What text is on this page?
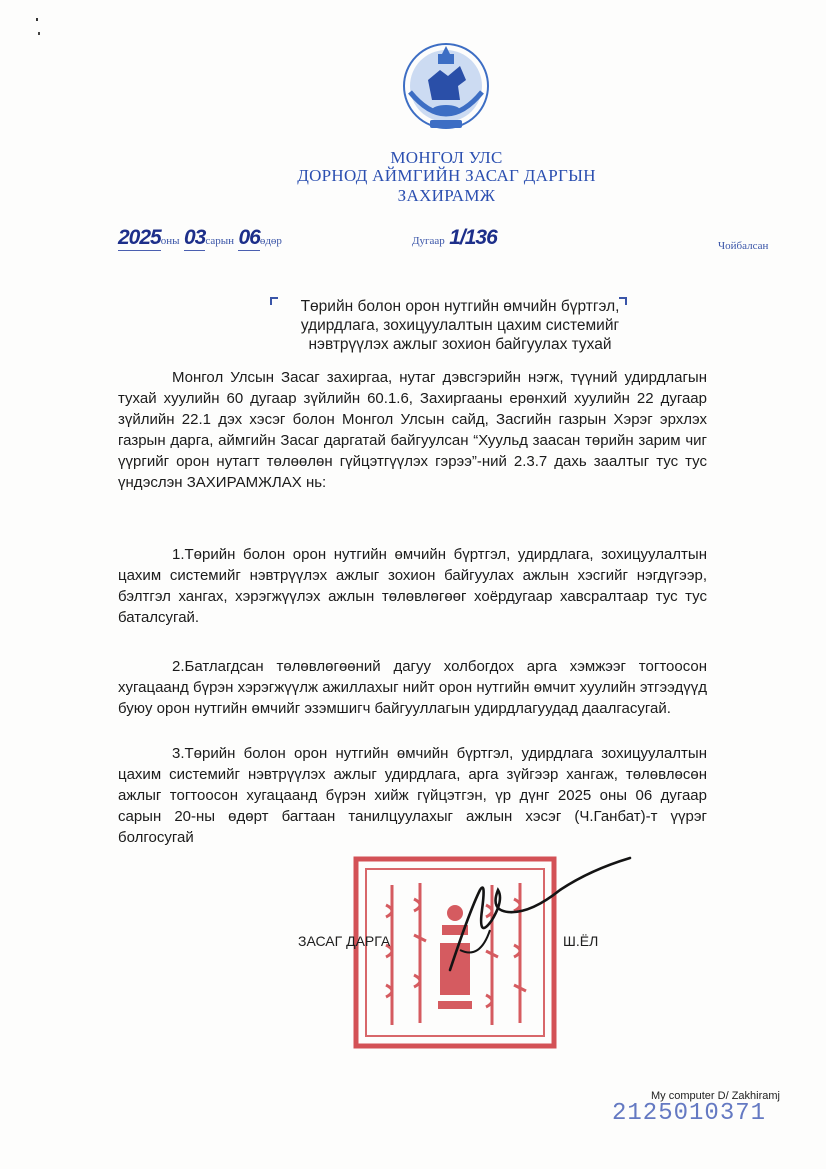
МОНГОЛ УЛС
ДОРНОД АЙМГИЙН ЗАСАГ ДАРГЫН
ЗАХИРАМЖ
2025оны 03сарын 06өдөр	Дугаар 1/136	Чойбалсан
Төрийн болон орон нутгийн өмчийн бүртгэл,
удирдлага, зохицуулалтын цахим системийг
нэвтрүүлэх ажлыг зохион байгуулах тухай
Монгол Улсын Засаг захиргаа, нутаг дэвсгэрийн нэгж, түүний удирдлагын тухай хуулийн 60 дугаар зүйлийн 60.1.6, Захиргааны ерөнхий хуулийн 22 дугаар зүйлийн 22.1 дэх хэсэг болон Монгол Улсын сайд, Засгийн газрын Хэрэг эрхлэх газрын дарга, аймгийн Засаг даргатай байгуулсан “Хуульд заасан төрийн зарим чиг үүргийг орон нутагт төлөөлөн гүйцэтгүүлэх гэрээ”-ний 2.3.7 дахь заалтыг тус тус үндэслэн ЗАХИРАМЖЛАХ нь:
1.Төрийн болон орон нутгийн өмчийн бүртгэл, удирдлага, зохицуулалтын цахим системийг нэвтрүүлэх ажлыг зохион байгуулах ажлын хэсгийг нэгдүгээр, бэлтгэл хангах, хэрэгжүүлэх ажлын төлөвлөгөөг хоёрдугаар хавсралтаар тус тус баталсугай.
2.Батлагдсан төлөвлөгөөний дагуу холбогдох арга хэмжээг тогтоосон хугацаанд бүрэн хэрэгжүүлж ажиллахыг нийт орон нутгийн өмчит хуулийн этгээдүүд буюу орон нутгийн өмчийг эзэмшигч байгууллагын удирдлагуудад даалгасугай.
3.Төрийн болон орон нутгийн өмчийн бүртгэл, удирдлага зохицуулалтын цахим системийг нэвтрүүлэх ажлыг удирдлага, арга зүйгээр хангаж, төлөвлөсөн ажлыг тогтоосон хугацаанд бүрэн хийж гүйцэтгэн, үр дүнг 2025 оны 06 дугаар сарын 20-ны өдөрт багтаан танилцуулахыг ажлын хэсэг (Ч.Ганбат)-т үүрэг болгосугай
ЗАСАГ ДАРГА	Ш.ЁЛ
My computer D/ Zakhiramj
2125010371
